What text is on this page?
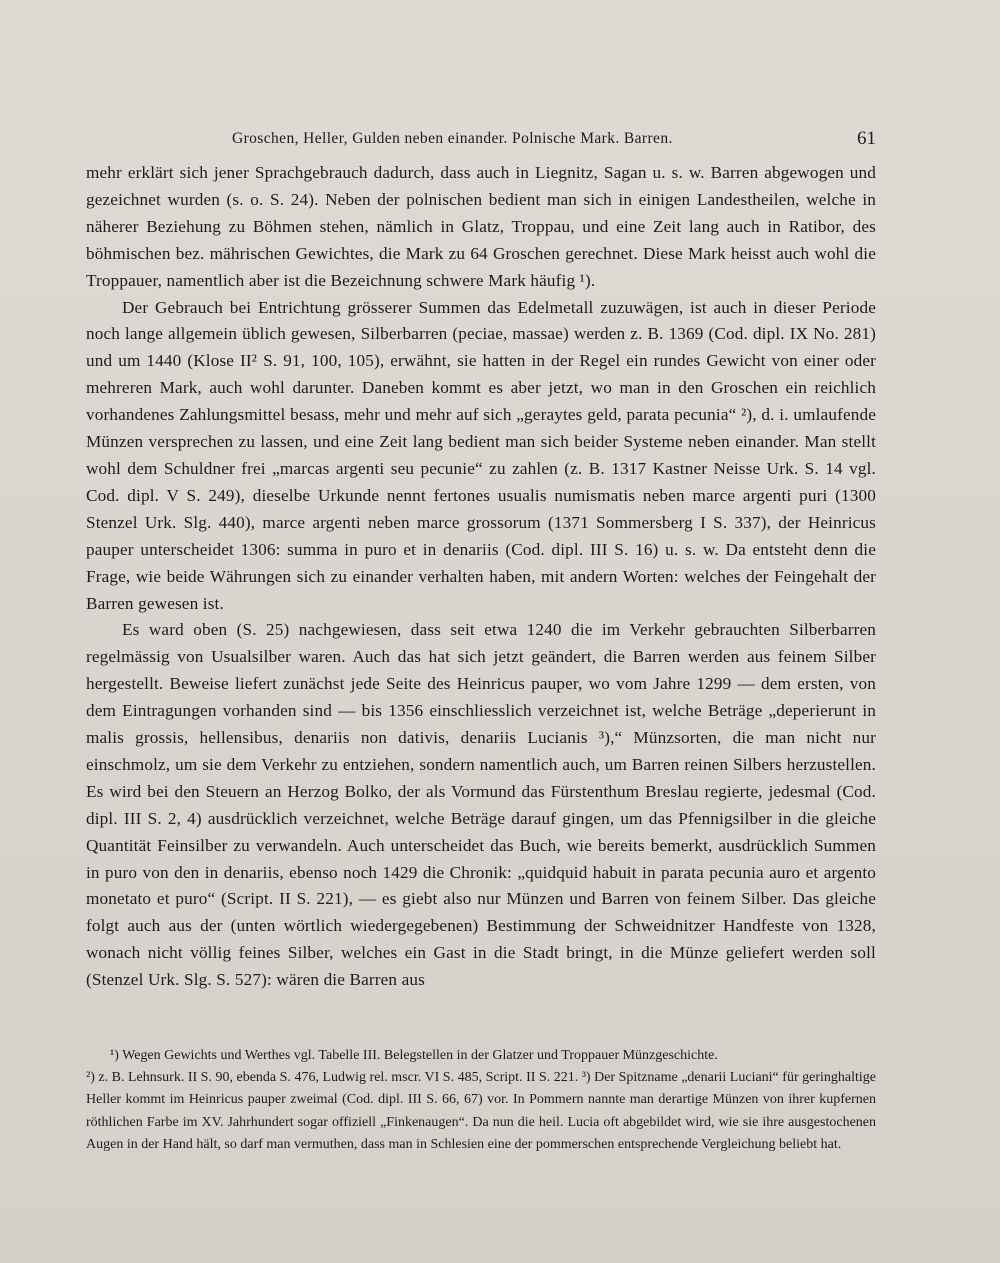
Groschen, Heller, Gulden neben einander. Polnische Mark. Barren.	61

mehr erklärt sich jener Sprachgebrauch dadurch, dass auch in Liegnitz, Sagan u. s. w. Barren abgewogen und gezeichnet wurden (s. o. S. 24). Neben der polnischen bedient man sich in einigen Landestheilen, welche in näherer Beziehung zu Böhmen stehen, nämlich in Glatz, Troppau, und eine Zeit lang auch in Ratibor, des böhmischen bez. mährischen Gewichtes, die Mark zu 64 Groschen gerechnet. Diese Mark heisst auch wohl die Troppauer, namentlich aber ist die Bezeichnung schwere Mark häufig ¹).

Der Gebrauch bei Entrichtung grösserer Summen das Edelmetall zuzuwägen, ist auch in dieser Periode noch lange allgemein üblich gewesen, Silberbarren (peciae, massae) werden z. B. 1369 (Cod. dipl. IX No. 281) und um 1440 (Klose II² S. 91, 100, 105), erwähnt, sie hatten in der Regel ein rundes Gewicht von einer oder mehreren Mark, auch wohl darunter. Daneben kommt es aber jetzt, wo man in den Groschen ein reichlich vorhandenes Zahlungsmittel besass, mehr und mehr auf sich „geraytes geld, parata pecunia“ ²), d. i. umlaufende Münzen versprechen zu lassen, und eine Zeit lang bedient man sich beider Systeme neben einander. Man stellt wohl dem Schuldner frei „marcas argenti seu pecunie“ zu zahlen (z. B. 1317 Kastner Neisse Urk. S. 14 vgl. Cod. dipl. V S. 249), dieselbe Urkunde nennt fertones usualis numismatis neben marce argenti puri (1300 Stenzel Urk. Slg. 440), marce argenti neben marce grossorum (1371 Sommersberg I S. 337), der Heinricus pauper unterscheidet 1306: summa in puro et in denariis (Cod. dipl. III S. 16) u. s. w. Da entsteht denn die Frage, wie beide Währungen sich zu einander verhalten haben, mit andern Worten: welches der Feingehalt der Barren gewesen ist.

Es ward oben (S. 25) nachgewiesen, dass seit etwa 1240 die im Verkehr gebrauchten Silberbarren regelmässig von Usualsilber waren. Auch das hat sich jetzt geändert, die Barren werden aus feinem Silber hergestellt. Beweise liefert zunächst jede Seite des Heinricus pauper, wo vom Jahre 1299 — dem ersten, von dem Eintragungen vorhanden sind — bis 1356 einschliesslich verzeichnet ist, welche Beträge „deperierunt in malis grossis, hellensibus, denariis non dativis, denariis Lucianis ³),“ Münzsorten, die man nicht nur einschmolz, um sie dem Verkehr zu entziehen, sondern namentlich auch, um Barren reinen Silbers herzustellen. Es wird bei den Steuern an Herzog Bolko, der als Vormund das Fürstenthum Breslau regierte, jedesmal (Cod. dipl. III S. 2, 4) ausdrücklich verzeichnet, welche Beträge darauf gingen, um das Pfennigsilber in die gleiche Quantität Feinsilber zu verwandeln. Auch unterscheidet das Buch, wie bereits bemerkt, ausdrücklich Summen in puro von den in denariis, ebenso noch 1429 die Chronik: „quidquid habuit in parata pecunia auro et argento monetato et puro“ (Script. II S. 221), — es giebt also nur Münzen und Barren von feinem Silber. Das gleiche folgt auch aus der (unten wörtlich wiedergegebenen) Bestimmung der Schweidnitzer Handfeste von 1328, wonach nicht völlig feines Silber, welches ein Gast in die Stadt bringt, in die Münze geliefert werden soll (Stenzel Urk. Slg. S. 527): wären die Barren aus

¹) Wegen Gewichts und Werthes vgl. Tabelle III. Belegstellen in der Glatzer und Troppauer Münzgeschichte.

²) z. B. Lehnsurk. II S. 90, ebenda S. 476, Ludwig rel. mscr. VI S. 485, Script. II S. 221. ³) Der Spitzname „denarii Luciani“ für geringhaltige Heller kommt im Heinricus pauper zweimal (Cod. dipl. III S. 66, 67) vor. In Pommern nannte man derartige Münzen von ihrer kupfernen röthlichen Farbe im XV. Jahrhundert sogar offiziell „Finkenaugen“. Da nun die heil. Lucia oft abgebildet wird, wie sie ihre ausgestochenen Augen in der Hand hält, so darf man vermuthen, dass man in Schlesien eine der pommerschen entsprechende Vergleichung beliebt hat.
